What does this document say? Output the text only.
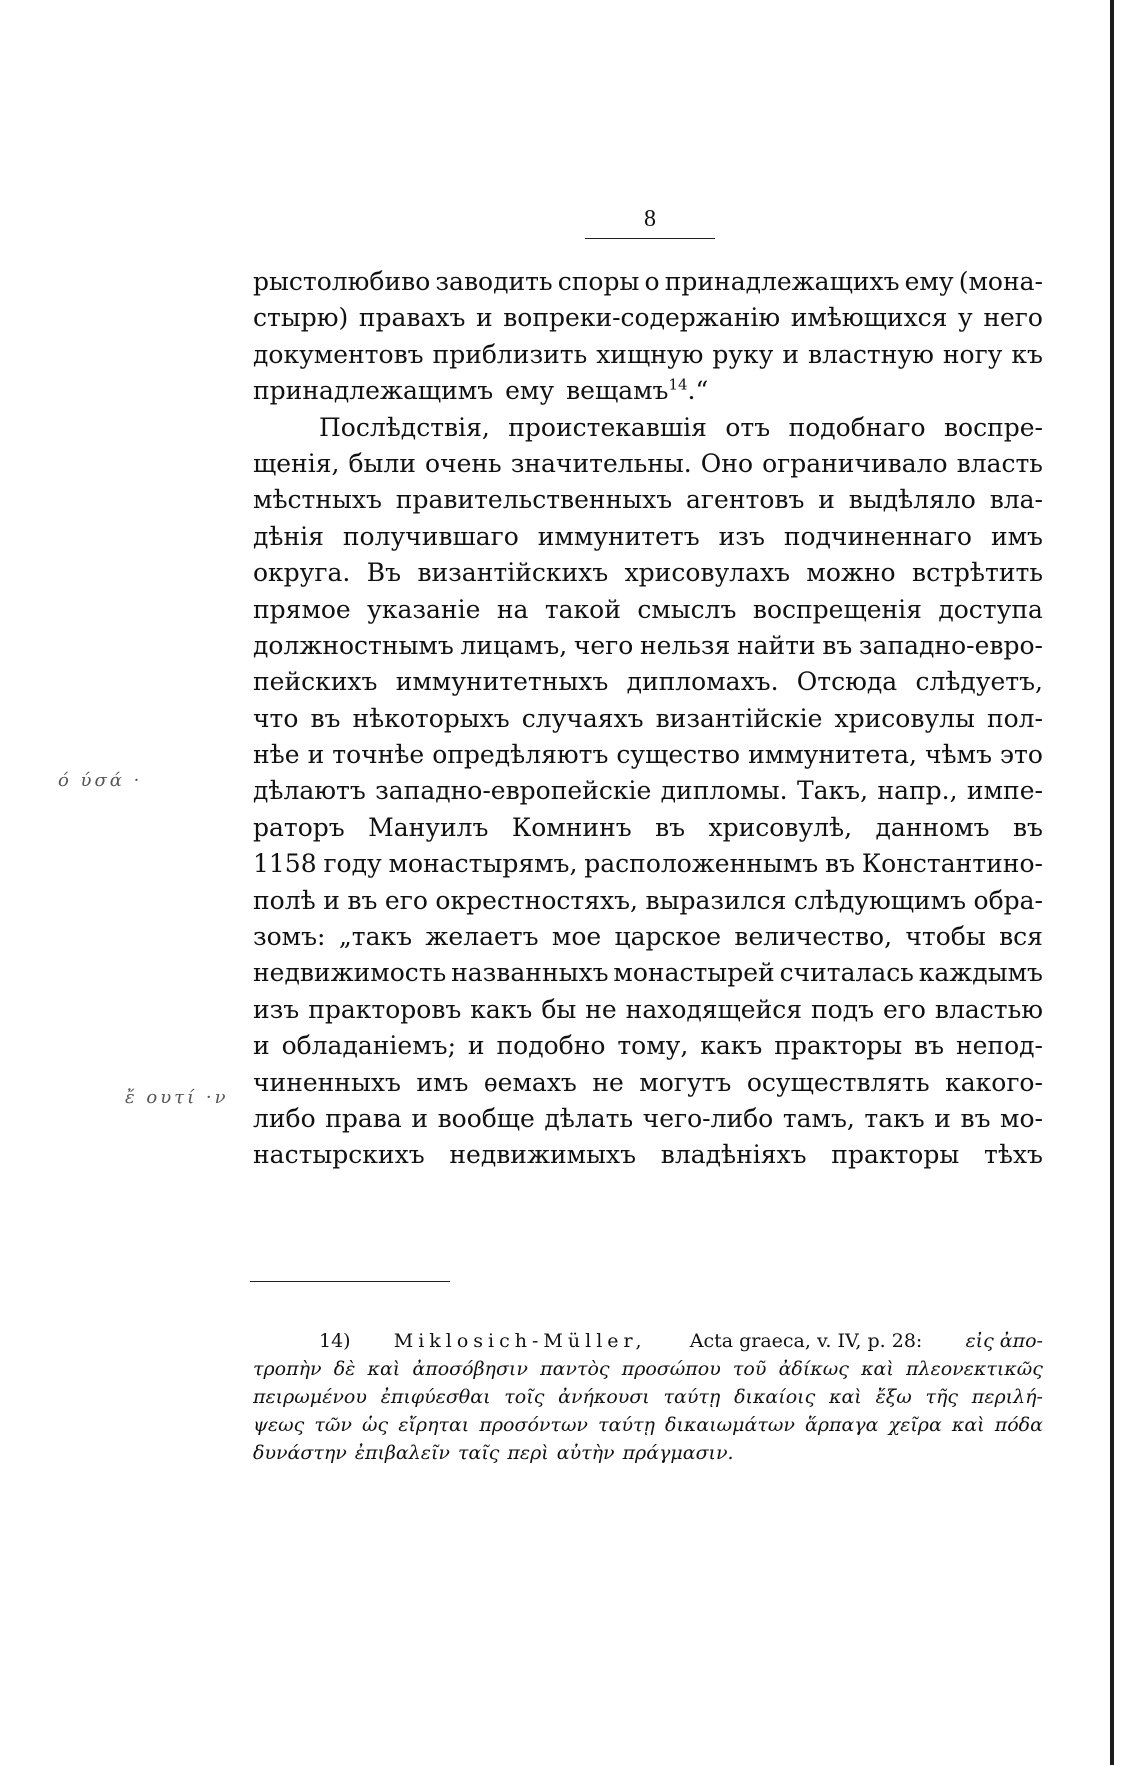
8
рыстолюбиво заводить споры о принадлежащихъ ему (мона-
стырю) правахъ и вопреки-содержанію имѣющихся у него
документовъ приблизить хищную руку и властную ногу къ
принадлежащимъ ему вещамъ$^{14}$.“
Послѣдствія, проистекавшія отъ подобнаго воспре-
щенія, были очень значительны. Оно ограничивало власть
мѣстныхъ правительственныхъ агентовъ и выдѣляло вла-
дѣнія получившаго иммунитетъ изъ подчиненнаго имъ
округа. Въ византійскихъ хрисовулахъ можно встрѣтить
прямое указаніе на такой смыслъ воспрещенія доступа
должностнымъ лицамъ, чего нельзя найти въ западно-евро-
пейскихъ иммунитетныхъ дипломахъ. Отсюда слѣдуетъ,
что въ нѣкоторыхъ случаяхъ византійскіе хрисовулы пол-
нѣе и точнѣе опредѣляютъ существо иммунитета, чѣмъ это
дѣлаютъ западно-европейскіе дипломы. Такъ, напр., импе-
раторъ Мануилъ Комнинъ въ хрисовулѣ, данномъ въ
1158 году монастырямъ, расположеннымъ въ Константино-
полѣ и въ его окрестностяхъ, выразился слѣдующимъ обра-
зомъ: „такъ желаетъ мое царское величество, чтобы вся
недвижимость названныхъ монастырей считалась каждымъ
изъ практоровъ какъ бы не находящейся подъ его властью
и обладаніемъ; и подобно тому, какъ практоры въ непод-
чиненныхъ имъ ѳемахъ не могутъ осуществлять какого-
либо права и вообще дѣлать чего-либо тамъ, такъ и въ мо-
настырскихъ недвижимыхъ владѣніяхъ практоры тѣхъ
14) Miklosich-Müller, Acta graeca, v. IV, p. 28: εἰς ἀπο-
τροπὴν δὲ καὶ ἀποσόβησιν παντὸς προσώπου τοῦ ἀδίκως καὶ πλεονεκτικῶς
πειρωμένου ἐπιφύεσθαι τοῖς ἀνήκουσι ταύτῃ δικαίοις καὶ ἔξω τῆς περιλή-
ψεως τῶν ὡς εἴρηται προσόντων ταύτῃ δικαιωμάτων ἅρπαγα χεῖρα καὶ πόδα
δυνάστην ἐπιβαλεῖν ταῖς περὶ αὐτὴν πράγμασιν.
ό ύσά ·
ἔ ουτί ·ν
